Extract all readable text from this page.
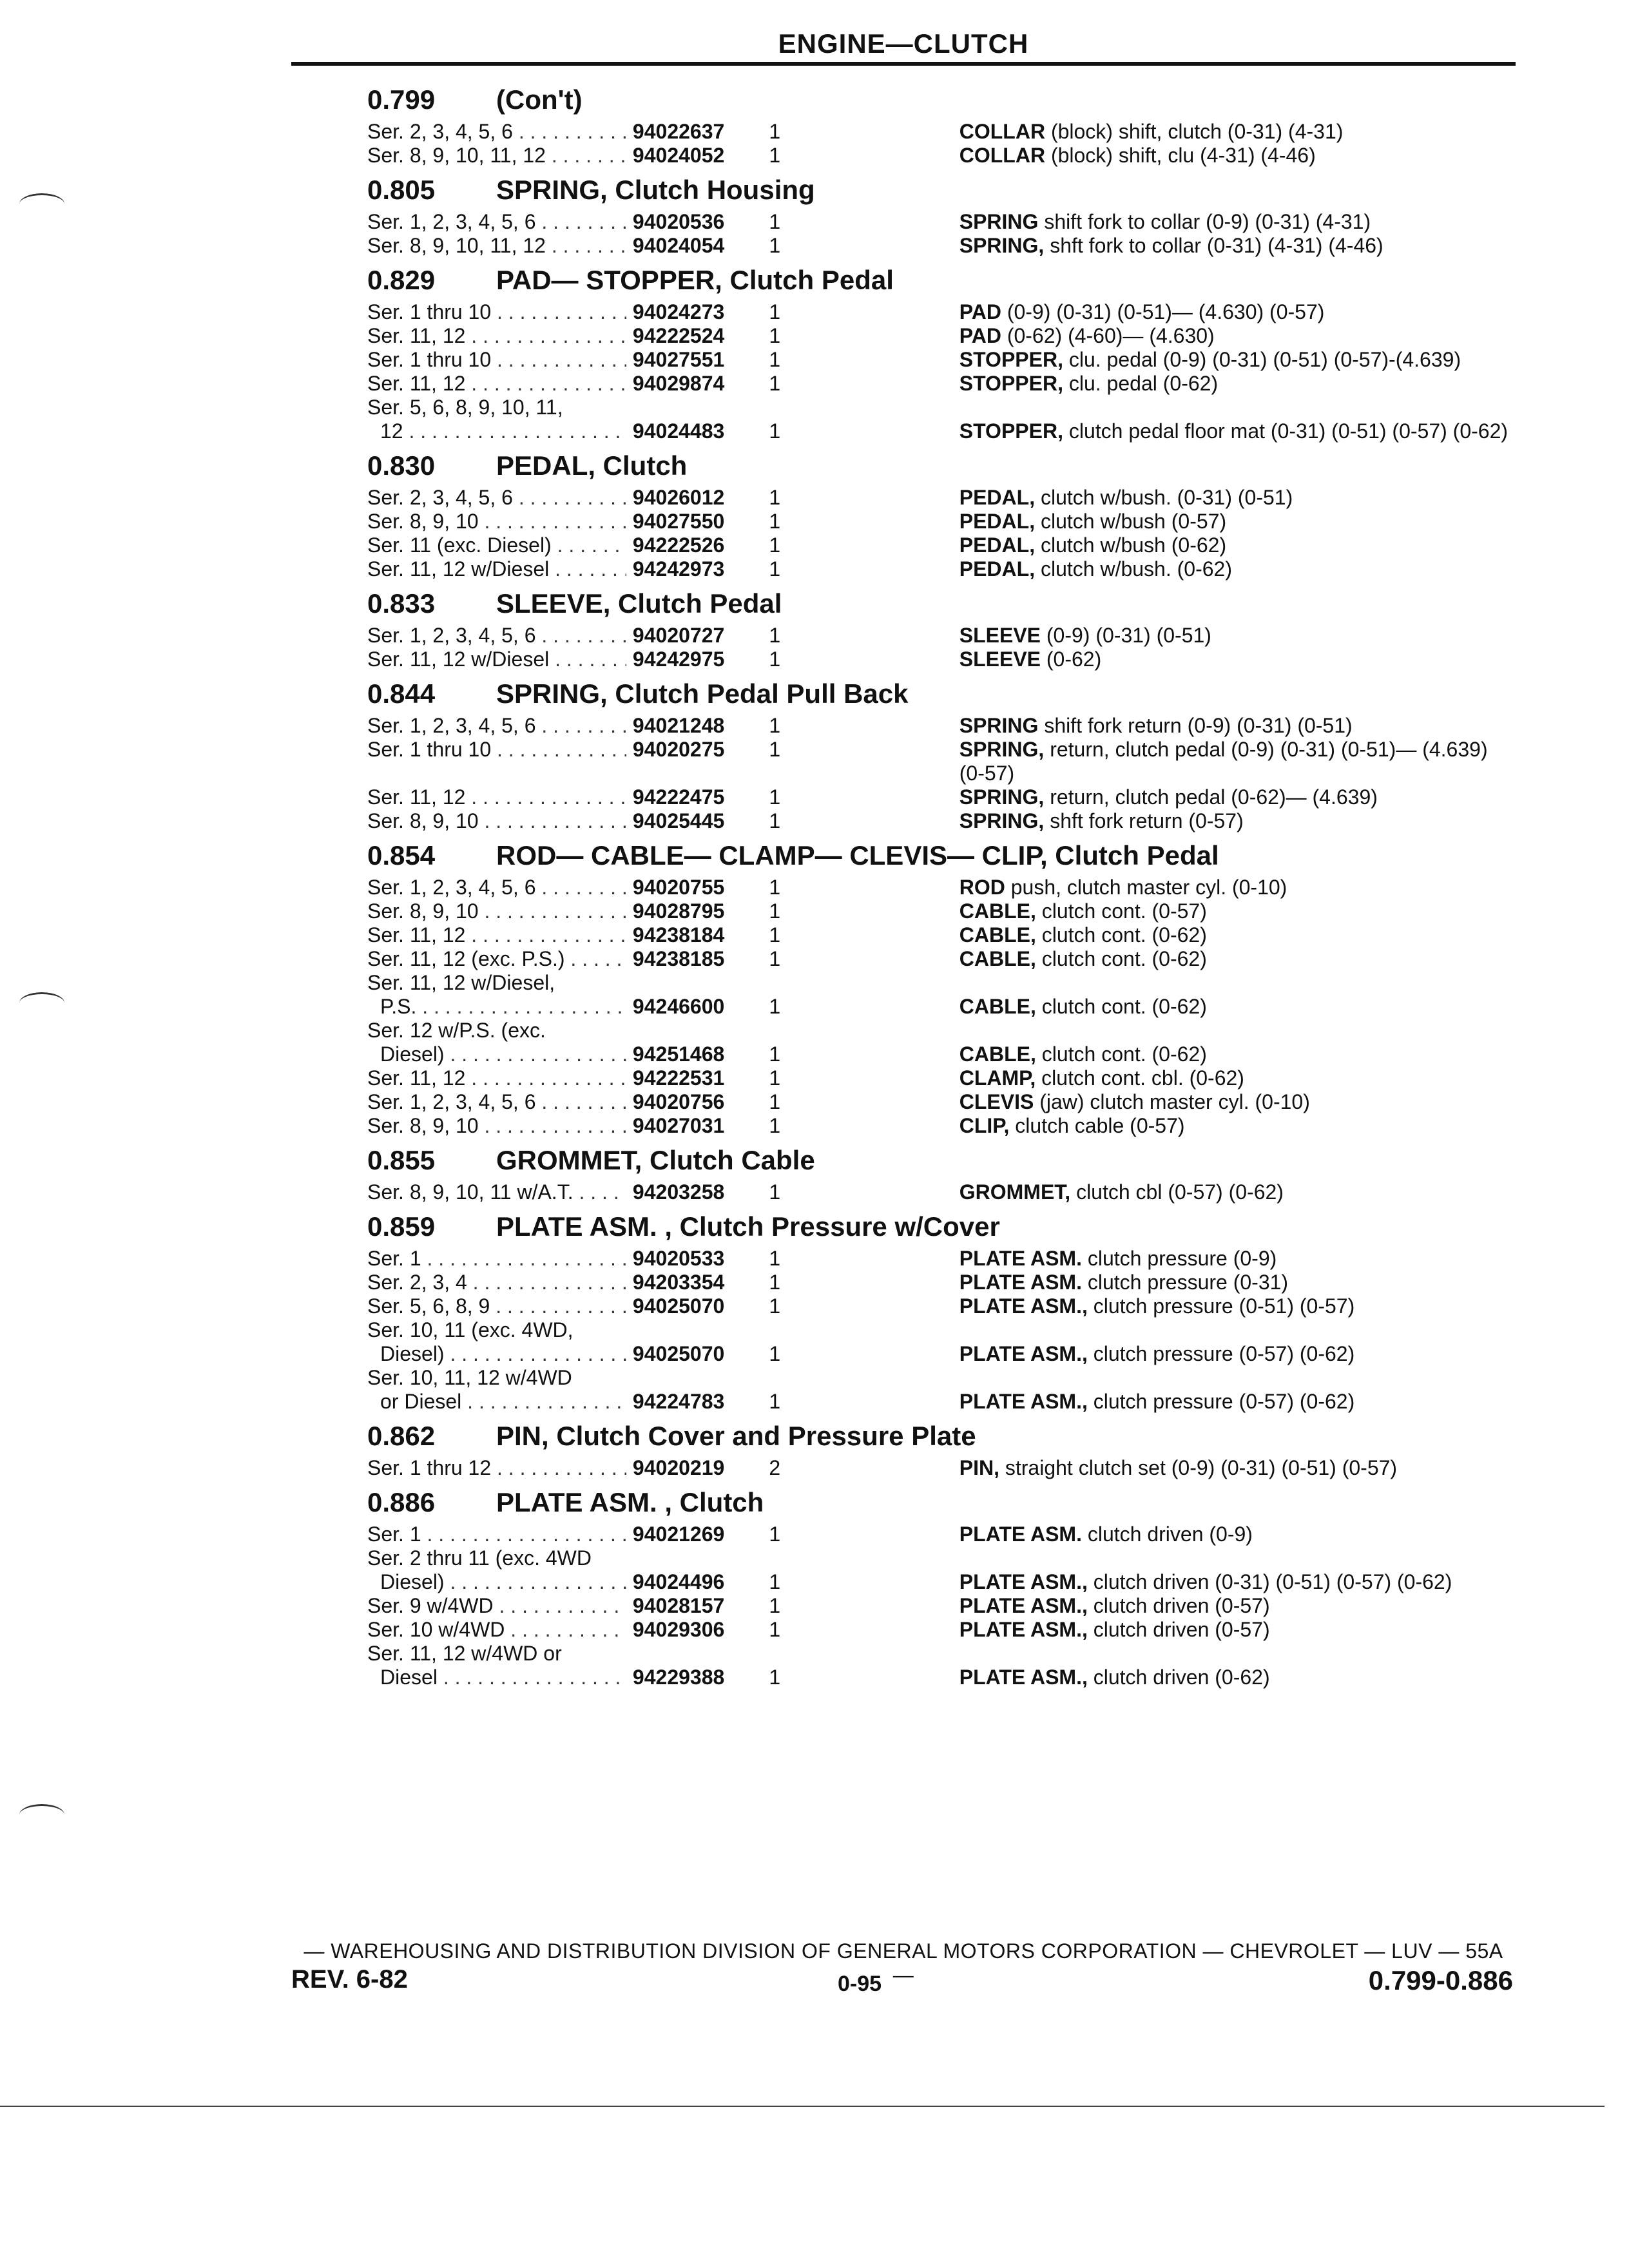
ENGINE—CLUTCH
0.799	(Con't)
Ser. 2, 3, 4, 5, 6 . . .	94022637	1	COLLAR (block) shift, clutch (0-31) (4-31)
Ser. 8, 9, 10, 11, 12 . . .	94024052	1	COLLAR (block) shift, clu (4-31) (4-46)
0.805	SPRING, Clutch Housing
Ser. 1, 2, 3, 4, 5, 6 . . .	94020536	1	SPRING shift fork to collar (0-9) (0-31) (4-31)
Ser. 8, 9, 10, 11, 12 . . .	94024054	1	SPRING, shft fork to collar (0-31) (4-31) (4-46)
0.829	PAD— STOPPER, Clutch Pedal
Ser. 1 thru 10 . . .	94024273	1	PAD (0-9) (0-31) (0-51)— (4.630) (0-57)
Ser. 11, 12 . . .	94222524	1	PAD (0-62) (4-60)— (4.630)
Ser. 1 thru 10 . . .	94027551	1	STOPPER, clu. pedal (0-9) (0-31) (0-51) (0-57)-(4.639)
Ser. 11, 12 . . .	94029874	1	STOPPER, clu. pedal (0-62)
Ser. 5, 6, 8, 9, 10, 11,
12 . . .	94024483	1	STOPPER, clutch pedal floor mat (0-31) (0-51) (0-57) (0-62)
0.830	PEDAL, Clutch
Ser. 2, 3, 4, 5, 6 . . .	94026012	1	PEDAL, clutch w/bush. (0-31) (0-51)
Ser. 8, 9, 10 . . .	94027550	1	PEDAL, clutch w/bush (0-57)
Ser. 11 (exc. Diesel) . . .	94222526	1	PEDAL, clutch w/bush (0-62)
Ser. 11, 12 w/Diesel . . .	94242973	1	PEDAL, clutch w/bush. (0-62)
0.833	SLEEVE, Clutch Pedal
Ser. 1, 2, 3, 4, 5, 6 . . .	94020727	1	SLEEVE (0-9) (0-31) (0-51)
Ser. 11, 12 w/Diesel . . .	94242975	1	SLEEVE (0-62)
0.844	SPRING, Clutch Pedal Pull Back
Ser. 1, 2, 3, 4, 5, 6 . . .	94021248	1	SPRING shift fork return (0-9) (0-31) (0-51)
Ser. 1 thru 10 . . .	94020275	1	SPRING, return, clutch pedal (0-9) (0-31) (0-51)— (4.639) (0-57)
Ser. 11, 12 . . .	94222475	1	SPRING, return, clutch pedal (0-62)— (4.639)
Ser. 8, 9, 10 . . .	94025445	1	SPRING, shft fork return (0-57)
0.854	ROD— CABLE— CLAMP— CLEVIS— CLIP, Clutch Pedal
Ser. 1, 2, 3, 4, 5, 6 . . .	94020755	1	ROD push, clutch master cyl. (0-10)
Ser. 8, 9, 10 . . .	94028795	1	CABLE, clutch cont. (0-57)
Ser. 11, 12 . . .	94238184	1	CABLE, clutch cont. (0-62)
Ser. 11, 12 (exc. P.S.) . . .	94238185	1	CABLE, clutch cont. (0-62)
Ser. 11, 12 w/Diesel,
P.S. . . .	94246600	1	CABLE, clutch cont. (0-62)
Ser. 12 w/P.S. (exc.
Diesel) . . .	94251468	1	CABLE, clutch cont. (0-62)
Ser. 11, 12 . . .	94222531	1	CLAMP, clutch cont. cbl. (0-62)
Ser. 1, 2, 3, 4, 5, 6 . . .	94020756	1	CLEVIS (jaw) clutch master cyl. (0-10)
Ser. 8, 9, 10 . . .	94027031	1	CLIP, clutch cable (0-57)
0.855	GROMMET, Clutch Cable
Ser. 8, 9, 10, 11 w/A.T. . . .	94203258	1	GROMMET, clutch cbl (0-57) (0-62)
0.859	PLATE ASM. , Clutch Pressure w/Cover
Ser. 1 . . .	94020533	1	PLATE ASM. clutch pressure (0-9)
Ser. 2, 3, 4 . . .	94203354	1	PLATE ASM. clutch pressure (0-31)
Ser. 5, 6, 8, 9 . . .	94025070	1	PLATE ASM., clutch pressure (0-51) (0-57)
Ser. 10, 11 (exc. 4WD,
Diesel) . . .	94025070	1	PLATE ASM., clutch pressure (0-57) (0-62)
Ser. 10, 11, 12 w/4WD
or Diesel . . .	94224783	1	PLATE ASM., clutch pressure (0-57) (0-62)
0.862	PIN, Clutch Cover and Pressure Plate
Ser. 1 thru 12 . . .	94020219	2	PIN, straight clutch set (0-9) (0-31) (0-51) (0-57)
0.886	PLATE ASM. , Clutch
Ser. 1 . . .	94021269	1	PLATE ASM. clutch driven (0-9)
Ser. 2 thru 11 (exc. 4WD
Diesel) . . .	94024496	1	PLATE ASM., clutch driven (0-31) (0-51) (0-57) (0-62)
Ser. 9 w/4WD . . .	94028157	1	PLATE ASM., clutch driven (0-57)
Ser. 10 w/4WD . . .	94029306	1	PLATE ASM., clutch driven (0-57)
Ser. 11, 12 w/4WD or
Diesel . . .	94229388	1	PLATE ASM., clutch driven (0-62)
— WAREHOUSING AND DISTRIBUTION DIVISION OF GENERAL MOTORS CORPORATION — CHEVROLET — LUV — 55A —
REV. 6-82	0-95	0.799-0.886
